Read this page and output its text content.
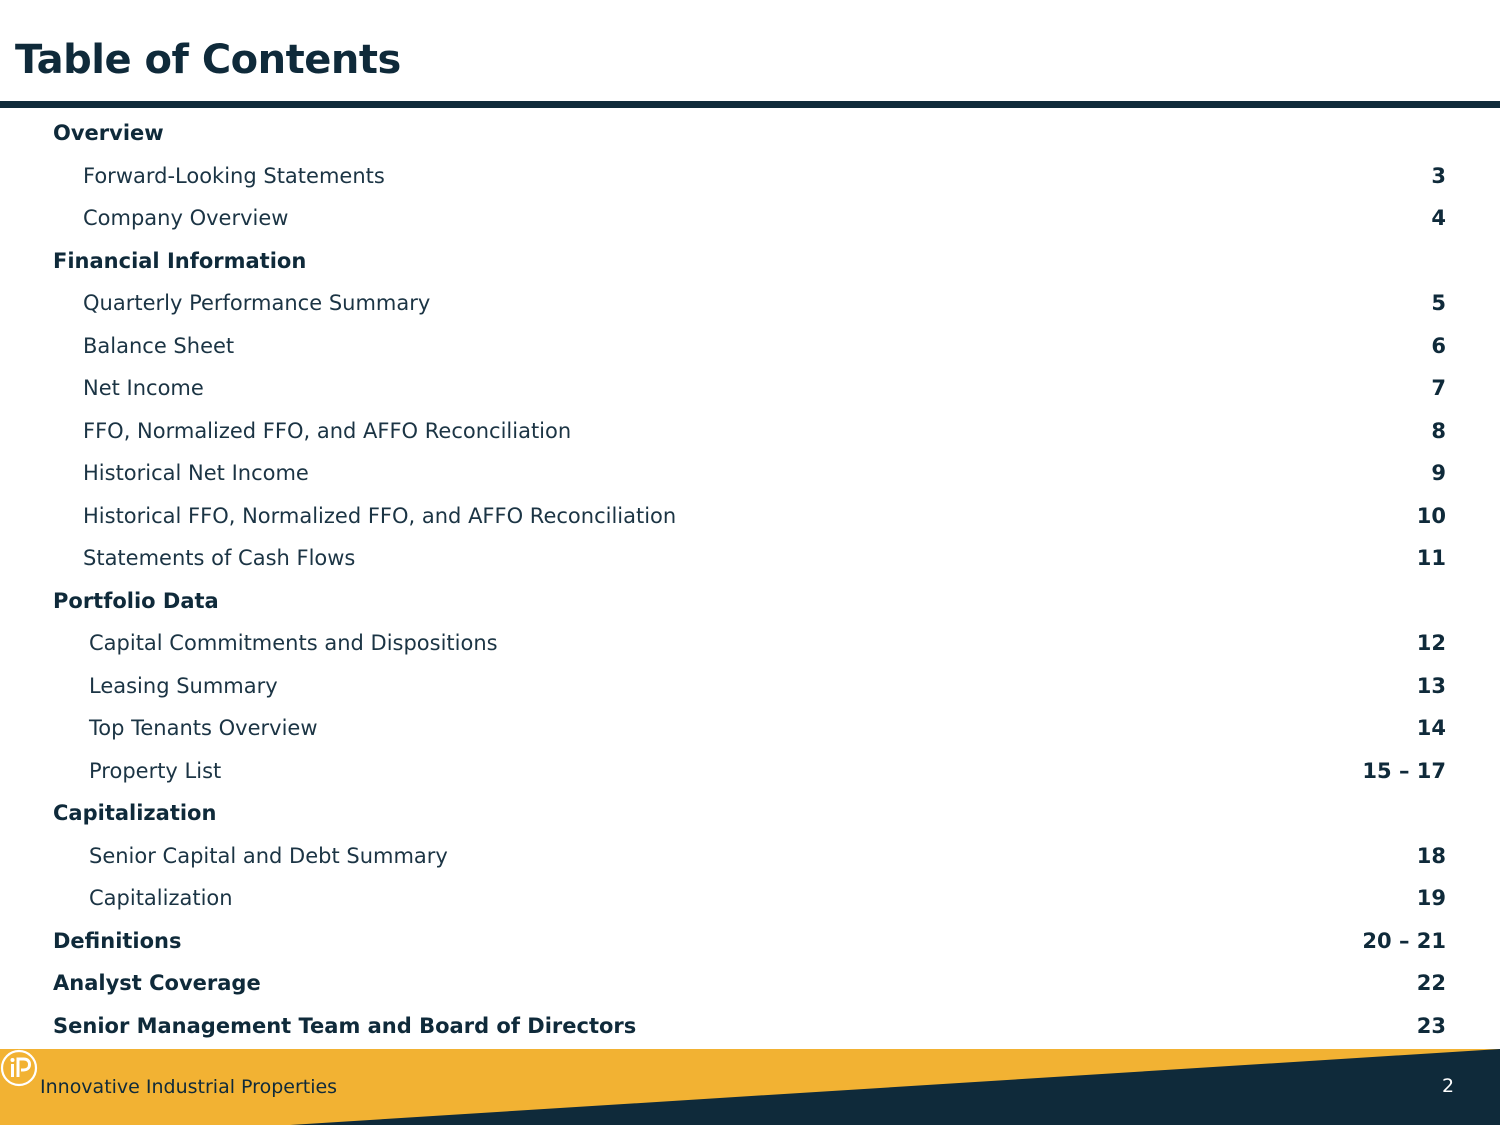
Table of Contents
Overview
Forward-Looking Statements	3
Company Overview	4
Financial Information
Quarterly Performance Summary	5
Balance Sheet	6
Net Income	7
FFO, Normalized FFO, and AFFO Reconciliation	8
Historical Net Income	9
Historical FFO, Normalized FFO, and AFFO Reconciliation	10
Statements of Cash Flows	11
Portfolio Data
Capital Commitments and Dispositions	12
Leasing Summary	13
Top Tenants Overview	14
Property List	15 – 17
Capitalization
Senior Capital and Debt Summary	18
Capitalization	19
Definitions	20 – 21
Analyst Coverage	22
Senior Management Team and Board of Directors	23
Innovative Industrial Properties	2
